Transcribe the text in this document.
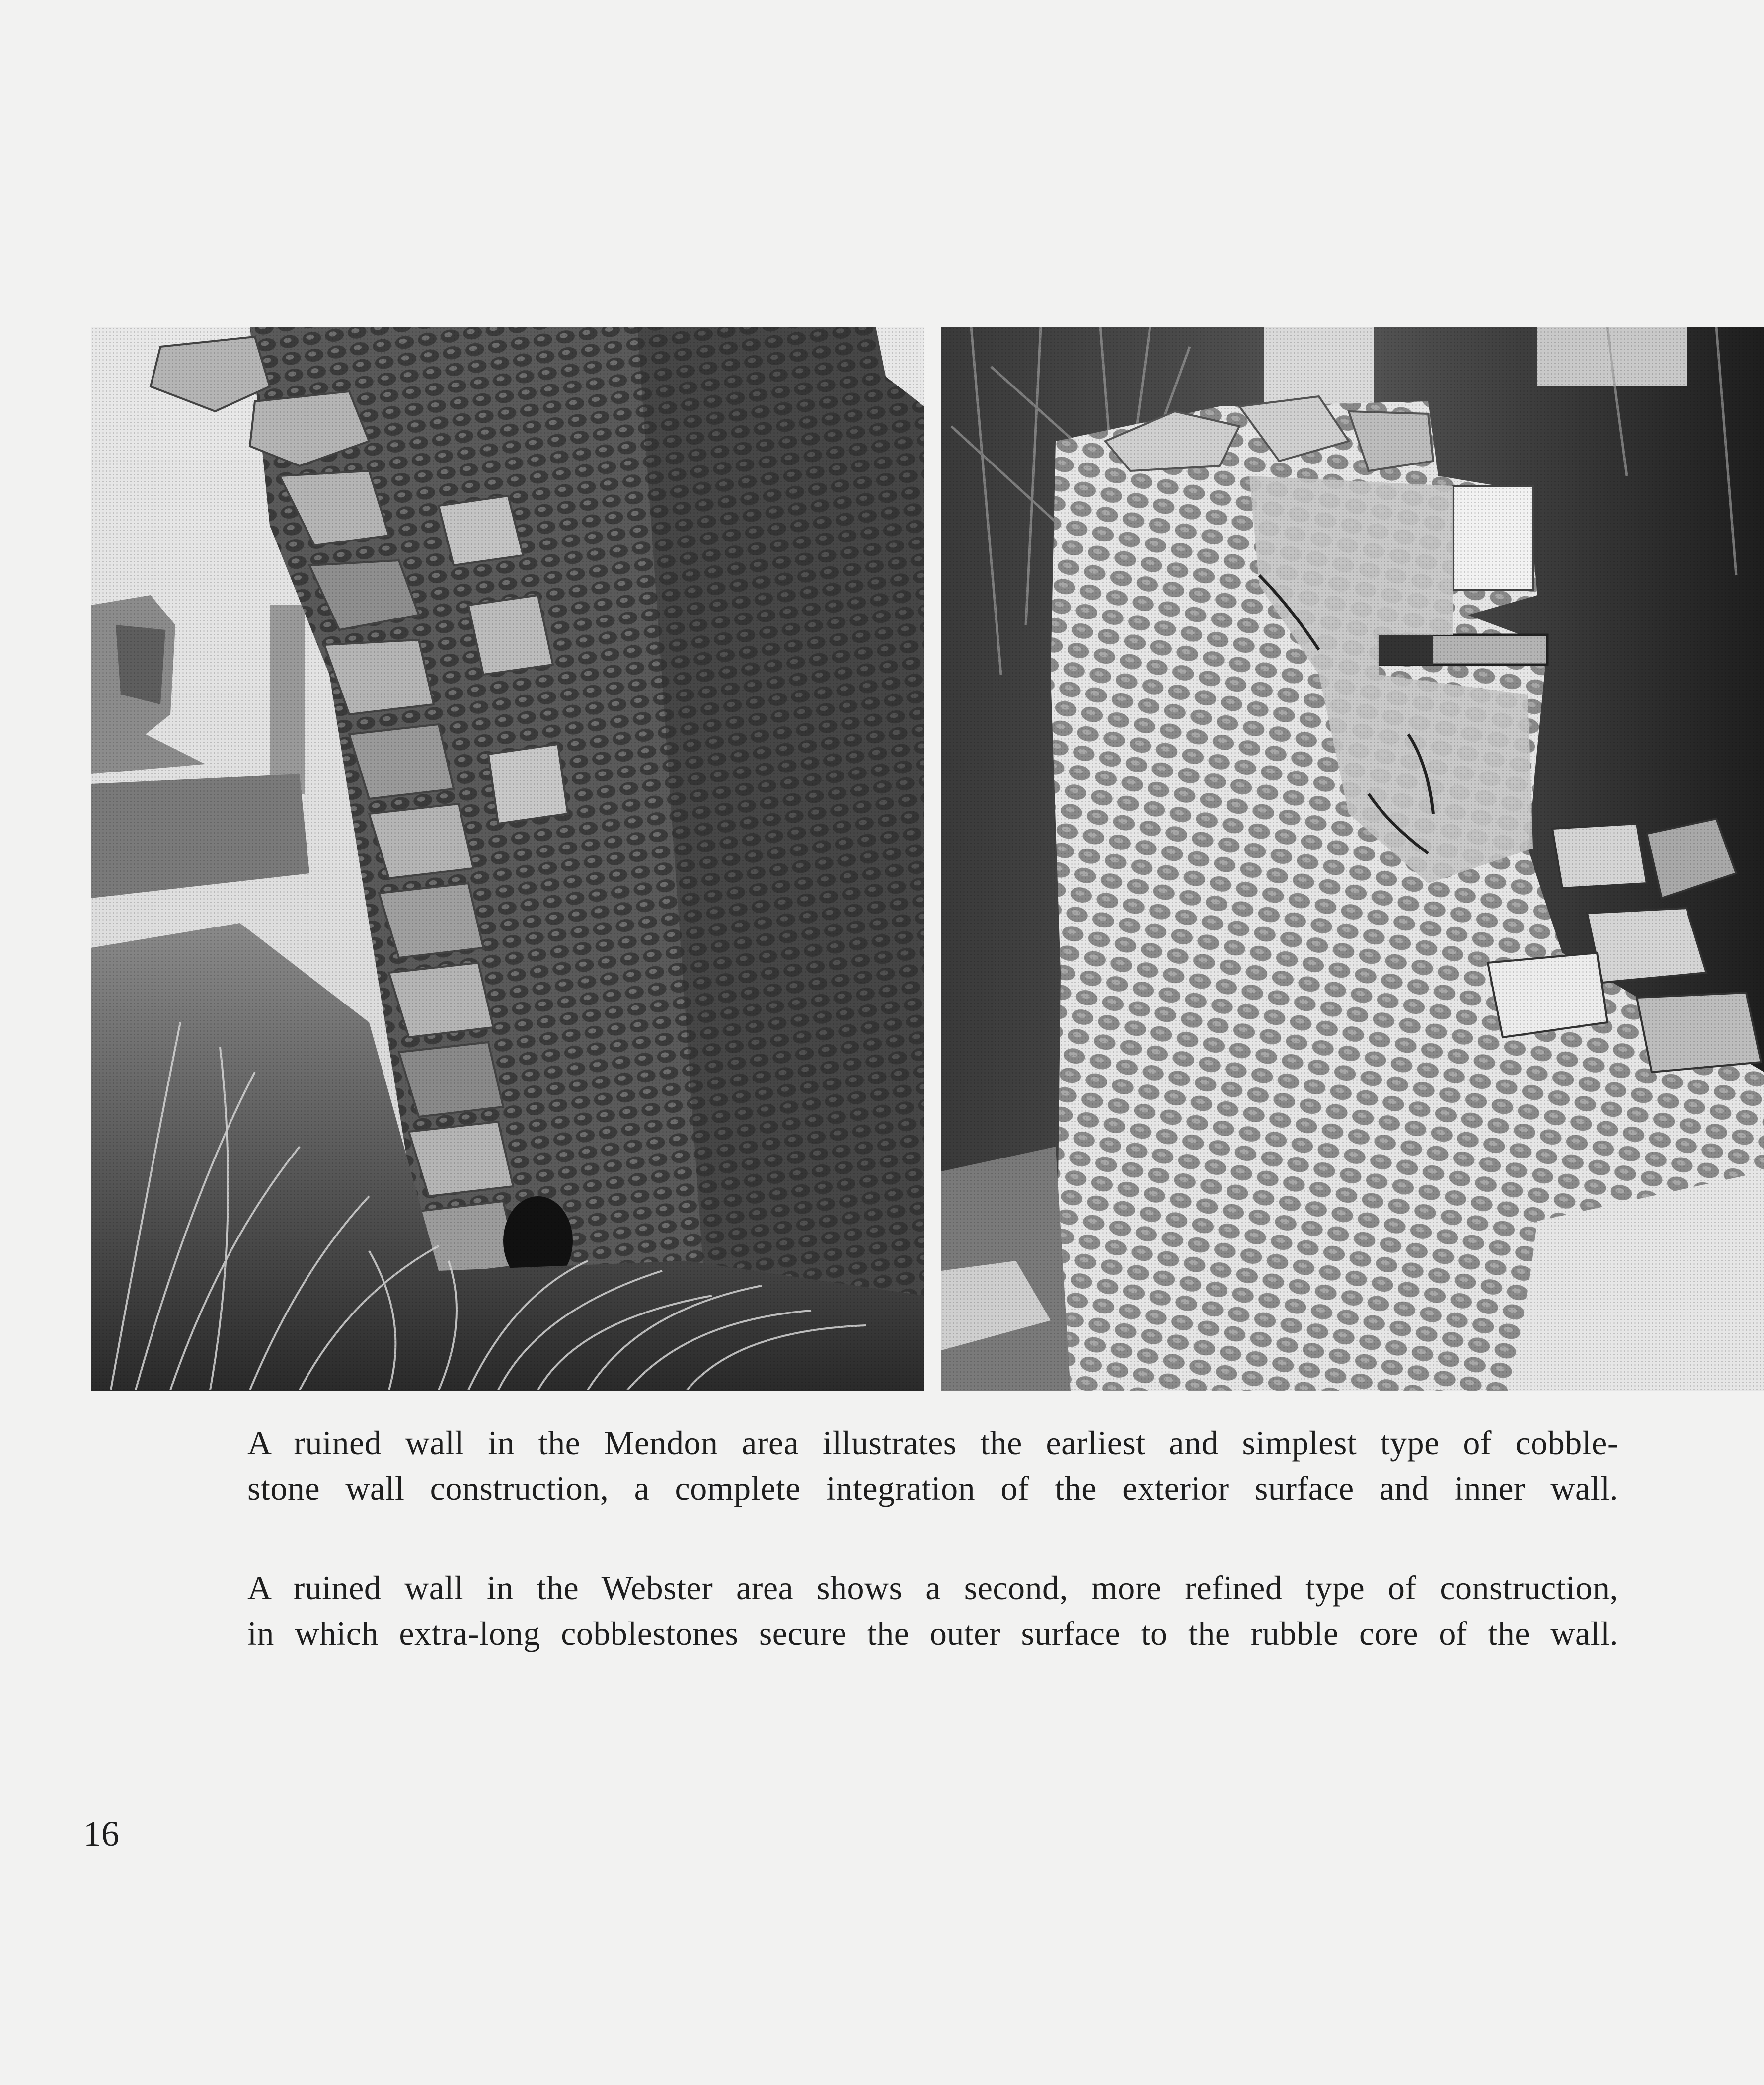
A ruined wall in the Mendon area illustrates the earliest and simplest type of cobble-
stone wall construction, a complete integration of the exterior surface and inner wall.
A ruined wall in the Webster area shows a second, more refined type of construction,
in which extra-long cobblestones secure the outer surface to the rubble core of the wall.
16
